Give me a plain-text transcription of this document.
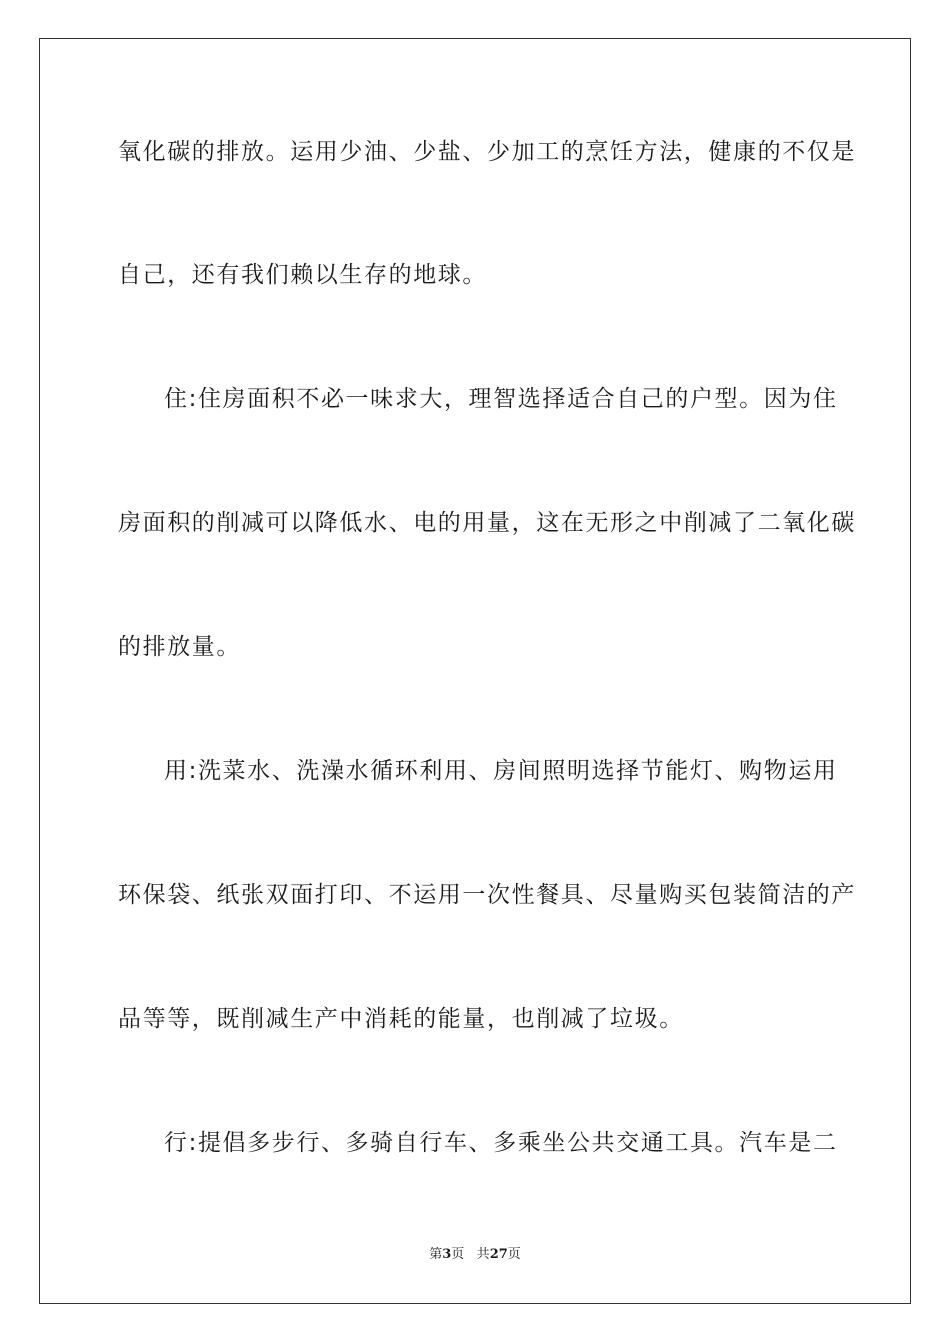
氧化碳的排放。运用少油、少盐、少加工的烹饪方法，健康的不仅是
自己，还有我们赖以生存的地球。
住:住房面积不必一味求大，理智选择适合自己的户型。因为住
房面积的削减可以降低水、电的用量，这在无形之中削减了二氧化碳
的排放量。
用:洗菜水、洗澡水循环利用、房间照明选择节能灯、购物运用
环保袋、纸张双面打印、不运用一次性餐具、尽量购买包装简洁的产
品等等，既削减生产中消耗的能量，也削减了垃圾。
行:提倡多步行、多骑自行车、多乘坐公共交通工具。汽车是二
第3页 共27页
